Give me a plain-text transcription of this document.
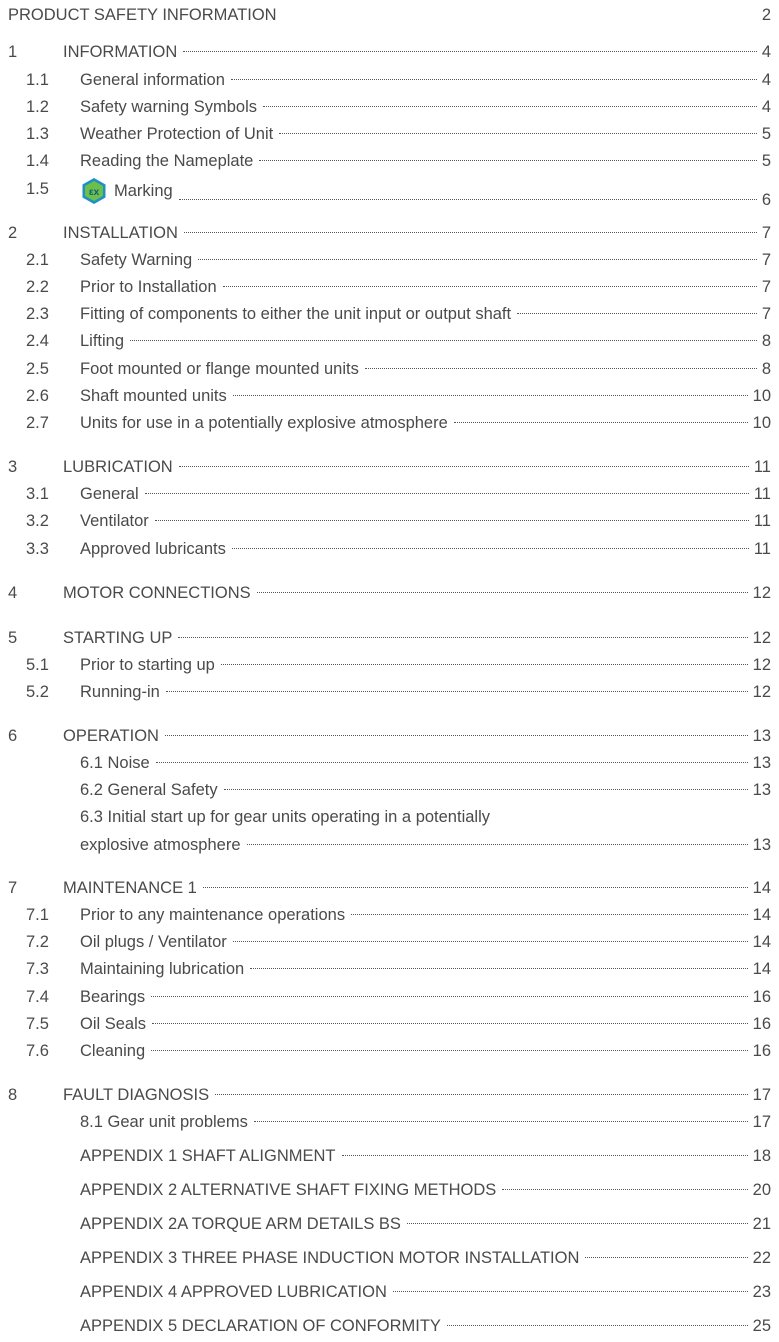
PRODUCT SAFETY INFORMATION	2
1	INFORMATION	4
1.1 General information	4
1.2 Safety warning Symbols	4
1.3 Weather Protection of Unit	5
1.4 Reading the Nameplate	5
1.5	εx Marking	6
2	INSTALLATION	7
2.1 Safety Warning	7
2.2 Prior to Installation	7
2.3 Fitting of components to either the unit input or output shaft	7
2.4 Lifting	8
2.5 Foot mounted or flange mounted units	8
2.6 Shaft mounted units	10
2.7 Units for use in a potentially explosive atmosphere	10
3	LUBRICATION	11
3.1 General	11
3.2 Ventilator	11
3.3 Approved lubricants	11
4	MOTOR CONNECTIONS	12
5	STARTING UP	12
5.1 Prior to starting up	12
5.2 Running-in	12
6	OPERATION	13
6.1 Noise	13
6.2 General Safety	13
6.3 Initial start up for gear units operating in a potentially
explosive atmosphere	13
7	MAINTENANCE 1	14
7.1 Prior to any maintenance operations	14
7.2 Oil plugs / Ventilator	14
7.3 Maintaining lubrication	14
7.4 Bearings	16
7.5 Oil Seals	16
7.6 Cleaning	16
8	FAULT DIAGNOSIS	17
8.1 Gear unit problems	17
APPENDIX 1 SHAFT ALIGNMENT	18
APPENDIX 2 ALTERNATIVE SHAFT FIXING METHODS	20
APPENDIX 2A TORQUE ARM DETAILS BS	21
APPENDIX 3 THREE PHASE INDUCTION MOTOR INSTALLATION	22
APPENDIX 4 APPROVED LUBRICATION	23
APPENDIX 5 DECLARATION OF CONFORMITY	25
